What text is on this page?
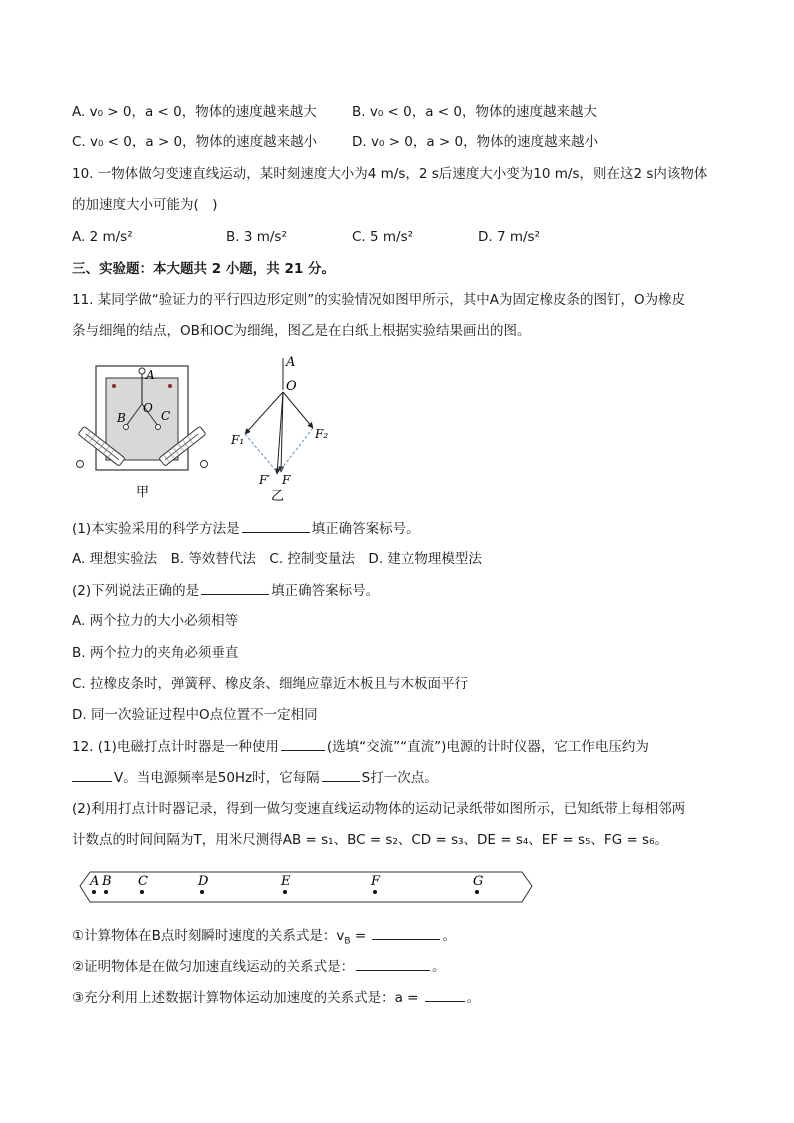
A. v₀ > 0，a < 0，物体的速度越来越大	B. v₀ < 0，a < 0，物体的速度越来越大
C. v₀ < 0，a > 0，物体的速度越来越小	D. v₀ > 0，a > 0，物体的速度越来越小
10. 一物体做匀变速直线运动，某时刻速度大小为4 m/s，2 s后速度大小变为10 m/s，则在这2 s内该物体
的加速度大小可能为(　)
A. 2 m/s²	B. 3 m/s²	C. 5 m/s²	D. 7 m/s²
三、实验题：本大题共 2 小题，共 21 分。
11. 某同学做“验证力的平行四边形定则”的实验情况如图甲所示，其中A为固定橡皮条的图钉，O为橡皮
条与细绳的结点，OB和OC为细绳，图乙是在白纸上根据实验结果画出的图。
A
O
B	C
甲
A
O
F₁	F₂
F′ F
乙
(1)本实验采用的科学方法是	填正确答案标号。
A. 理想实验法　B. 等效替代法　C. 控制变量法　D. 建立物理模型法
(2)下列说法正确的是	填正确答案标号。
A. 两个拉力的大小必须相等
B. 两个拉力的夹角必须垂直
C. 拉橡皮条时，弹簧秤、橡皮条、细绳应靠近木板且与木板面平行
D. 同一次验证过程中O点位置不一定相同
12. (1)电磁打点计时器是一种使用	(选填“交流”“直流”)电源的计时仪器，它工作电压约为
V。当电源频率是50Hz时，它每隔	S打一次点。
(2)利用打点计时器记录，得到一做匀变速直线运动物体的运动记录纸带如图所示，已知纸带上每相邻两
计数点的时间间隔为T，用米尺测得AB = s₁、BC = s₂、CD = s₃、DE = s₄、EF = s₅、FG = s₆。
A B C	D	E	F	G
①计算物体在B点时刻瞬时速度的关系式是：$v_B$ =	。
②证明物体是在做匀加速直线运动的关系式是：	。
③充分利用上述数据计算物体运动加速度的关系式是：a =	。
